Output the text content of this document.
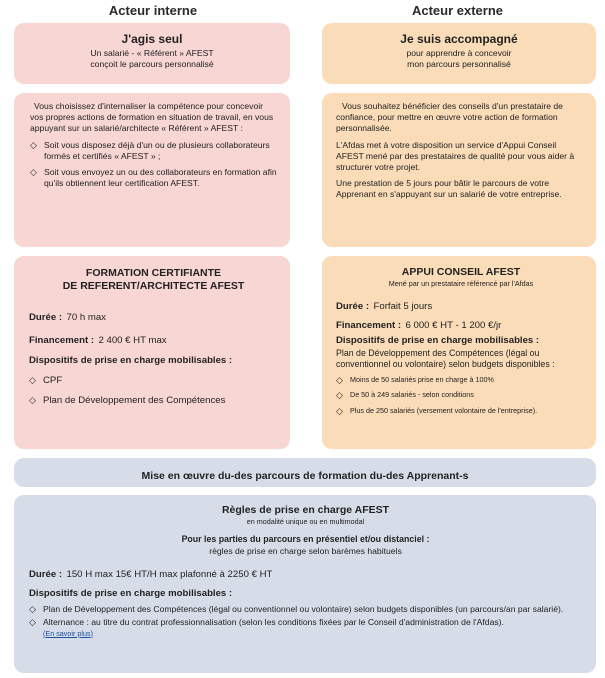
Acteur interne	Acteur externe
J'agis seul
Un salarié - « Référent » AFEST
conçoit le parcours personnalisé
Je suis accompagné
pour apprendre à concevoir
mon parcours personnalisé

Vous choisissez d'internaliser la compétence pour concevoir vos propres actions de formation en situation de travail, en vous appuyant sur un salarié/architecte « Référent » AFEST :

◇ Soit vous disposez déjà d'un ou de plusieurs collaborateurs formés et certifiés « AFEST » ;
◇ Soit vous envoyez un ou des collaborateurs en formation afin qu'ils obtiennent leur certification AFEST.

Vous souhaitez bénéficier des conseils d'un prestataire de confiance, pour mettre en œuvre votre action de formation personnalisée.

L'Afdas met à votre disposition un service d'Appui Conseil AFEST mené par des prestataires de qualité pour vous aider à structurer votre projet.

Une prestation de 5 jours pour bâtir le parcours de votre Apprenant en s'appuyant sur un salarié de votre entreprise.

FORMATION CERTIFIANTE
DE REFERENT/ARCHITECTE AFEST
Durée : 70 h max
Financement : 2 400 € HT max
Dispositifs de prise en charge mobilisables :
◇ CPF
◇ Plan de Développement des Compétences
APPUI CONSEIL AFEST
Mené par un prestataire référencé par l'Afdas
Durée : Forfait 5 jours
Financement : 6 000 € HT - 1 200 €/jr
Dispositifs de prise en charge mobilisables :
Plan de Développement des Compétences (légal ou conventionnel ou volontaire) selon budgets disponibles :
◇ Moins de 50 salariés prise en charge à 100%
◇ De 50 à 249 salariés - selon conditions
◇ Plus de 250 salariés (versement volontaire de l'entreprise).
Mise en œuvre du-des parcours de formation du-des Apprenant-s
Règles de prise en charge AFEST
en modalité unique ou en multimodal
Pour les parties du parcours en présentiel et/ou distanciel :
règles de prise en charge selon barèmes habituels
Durée : 150 H max 15€ HT/H max plafonné à 2250 € HT
Dispositifs de prise en charge mobilisables :
◇ Plan de Développement des Compétences (légal ou conventionnel ou volontaire) selon budgets disponibles (un parcours/an par salarié).
◇ Alternance : au titre du contrat professionnalisation (selon les conditions fixées par le Conseil d'administration de l'Afdas).
(En savoir plus)
